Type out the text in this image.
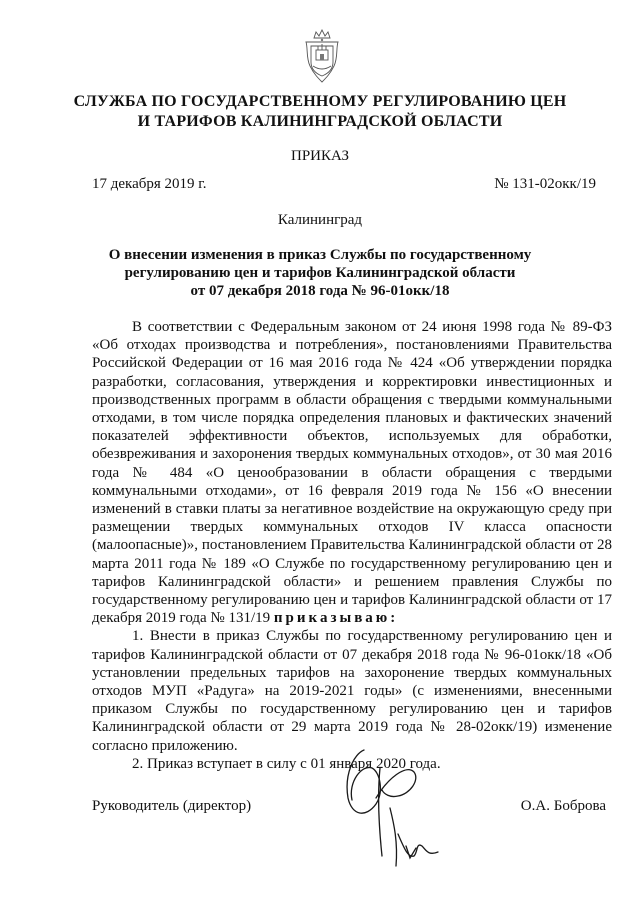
СЛУЖБА ПО ГОСУДАРСТВЕННОМУ РЕГУЛИРОВАНИЮ ЦЕН
И ТАРИФОВ КАЛИНИНГРАДСКОЙ ОБЛАСТИ
ПРИКАЗ
17 декабря 2019 г.	№ 131-02окк/19
Калининград
О внесении изменения в приказ Службы по государственному
регулированию цен и тарифов Калининградской области
от 07 декабря 2018 года № 96-01окк/18

В соответствии с Федеральным законом от 24 июня 1998 года № 89-ФЗ «Об отходах производства и потребления», постановлениями Правительства Российской Федерации от 16 мая 2016 года № 424 «Об утверждении порядка разработки, согласования, утверждения и корректировки инвестиционных и производственных программ в области обращения с твердыми коммунальными отходами, в том числе порядка определения плановых и фактических значений показателей эффективности объектов, используемых для обработки, обезвреживания и захоронения твердых коммунальных отходов», от 30 мая 2016 года № 484 «О ценообразовании в области обращения с твердыми коммунальными отходами», от 16 февраля 2019 года № 156 «О внесении изменений в ставки платы за негативное воздействие на окружающую среду при размещении твердых коммунальных отходов IV класса опасности (малоопасные)», постановлением Правительства Калининградской области от 28 марта 2011 года № 189 «О Службе по государственному регулированию цен и тарифов Калининградской области» и решением правления Службы по государственному регулированию цен и тарифов Калининградской области от 17 декабря 2019 года № 131/19 приказываю:

1. Внести в приказ Службы по государственному регулированию цен и тарифов Калининградской области от 07 декабря 2018 года № 96-01окк/18 «Об установлении предельных тарифов на захоронение твердых коммунальных отходов МУП «Радуга» на 2019-2021 годы» (с изменениями, внесенными приказом Службы по государственному регулированию цен и тарифов Калининградской области от 29 марта 2019 года № 28-02окк/19) изменение согласно приложению.

2. Приказ вступает в силу с 01 января 2020 года.

Руководитель (директор)	О.А. Боброва
